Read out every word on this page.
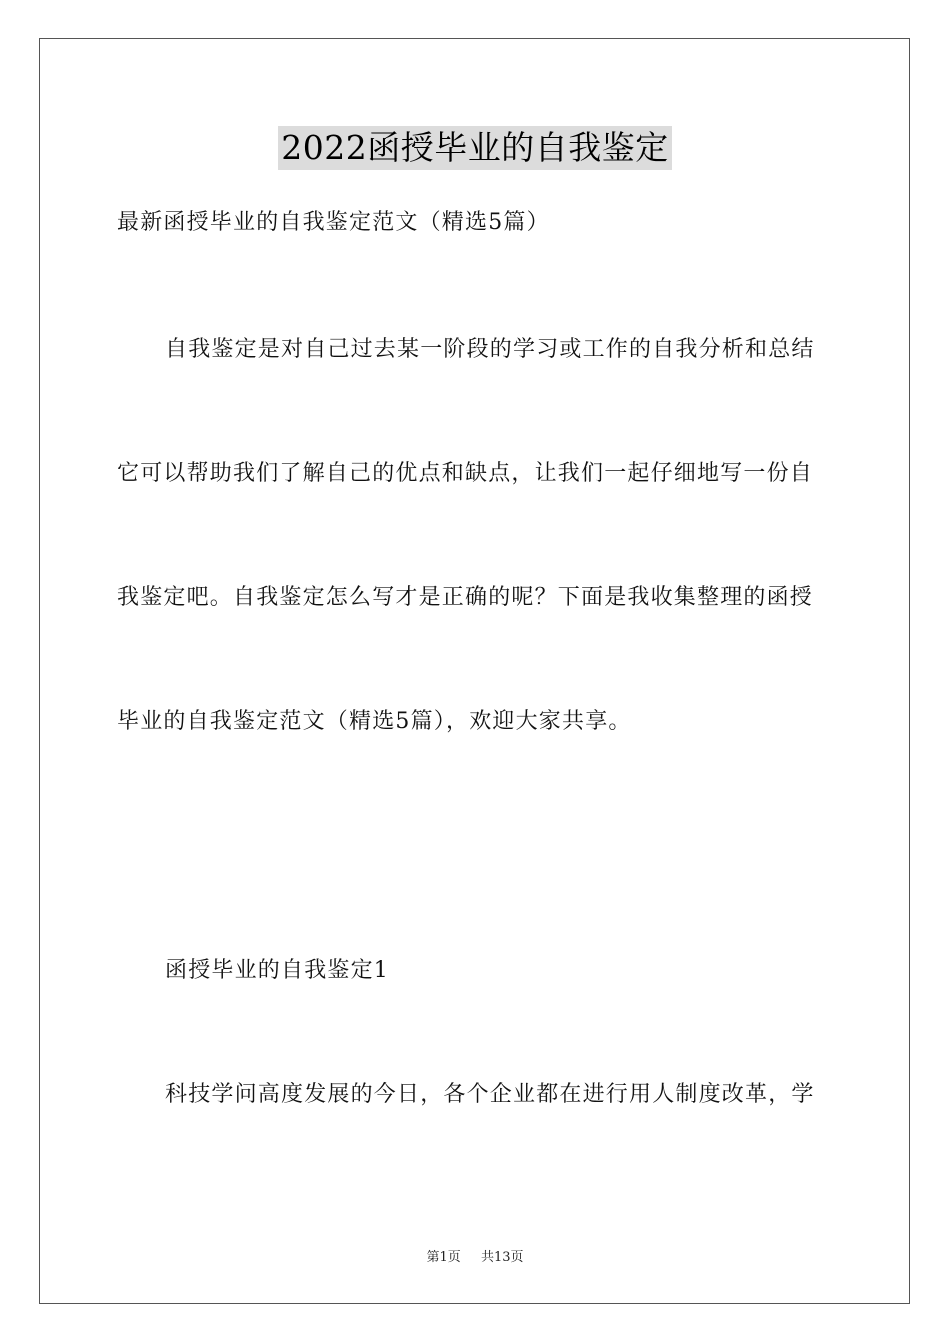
2022函授毕业的自我鉴定
最新函授毕业的自我鉴定范文（精选5篇）
自我鉴定是对自己过去某一阶段的学习或工作的自我分析和总结
它可以帮助我们了解自己的优点和缺点，让我们一起仔细地写一份自
我鉴定吧。自我鉴定怎么写才是正确的呢？下面是我收集整理的函授
毕业的自我鉴定范文（精选5篇），欢迎大家共享。
函授毕业的自我鉴定1
科技学问高度发展的今日，各个企业都在进行用人制度改革，学
第1页 共13页
